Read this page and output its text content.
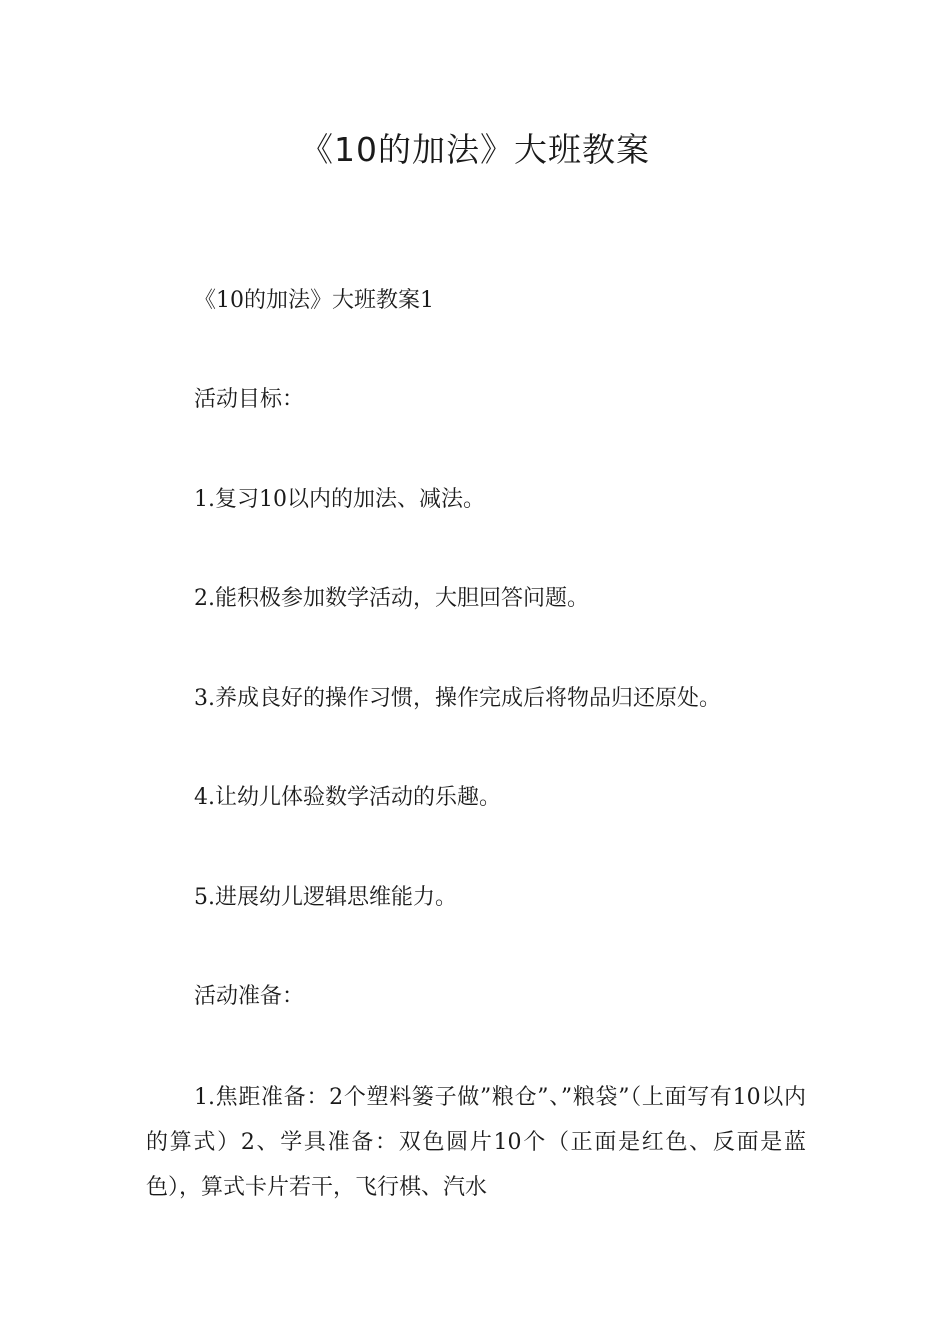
《10的加法》大班教案

《10的加法》大班教案1

活动目标：

1.复习10以内的加法、减法。

2.能积极参加数学活动，大胆回答问题。

3.养成良好的操作习惯，操作完成后将物品归还原处。

4.让幼儿体验数学活动的乐趣。

5.进展幼儿逻辑思维能力。

活动准备：

1.焦距准备：2个塑料篓子做”粮仓”、”粮袋”（上面写有10以内的算式）2、学具准备：双色圆片10个（正面是红色、反面是蓝色），算式卡片若干，飞行棋、汽水
